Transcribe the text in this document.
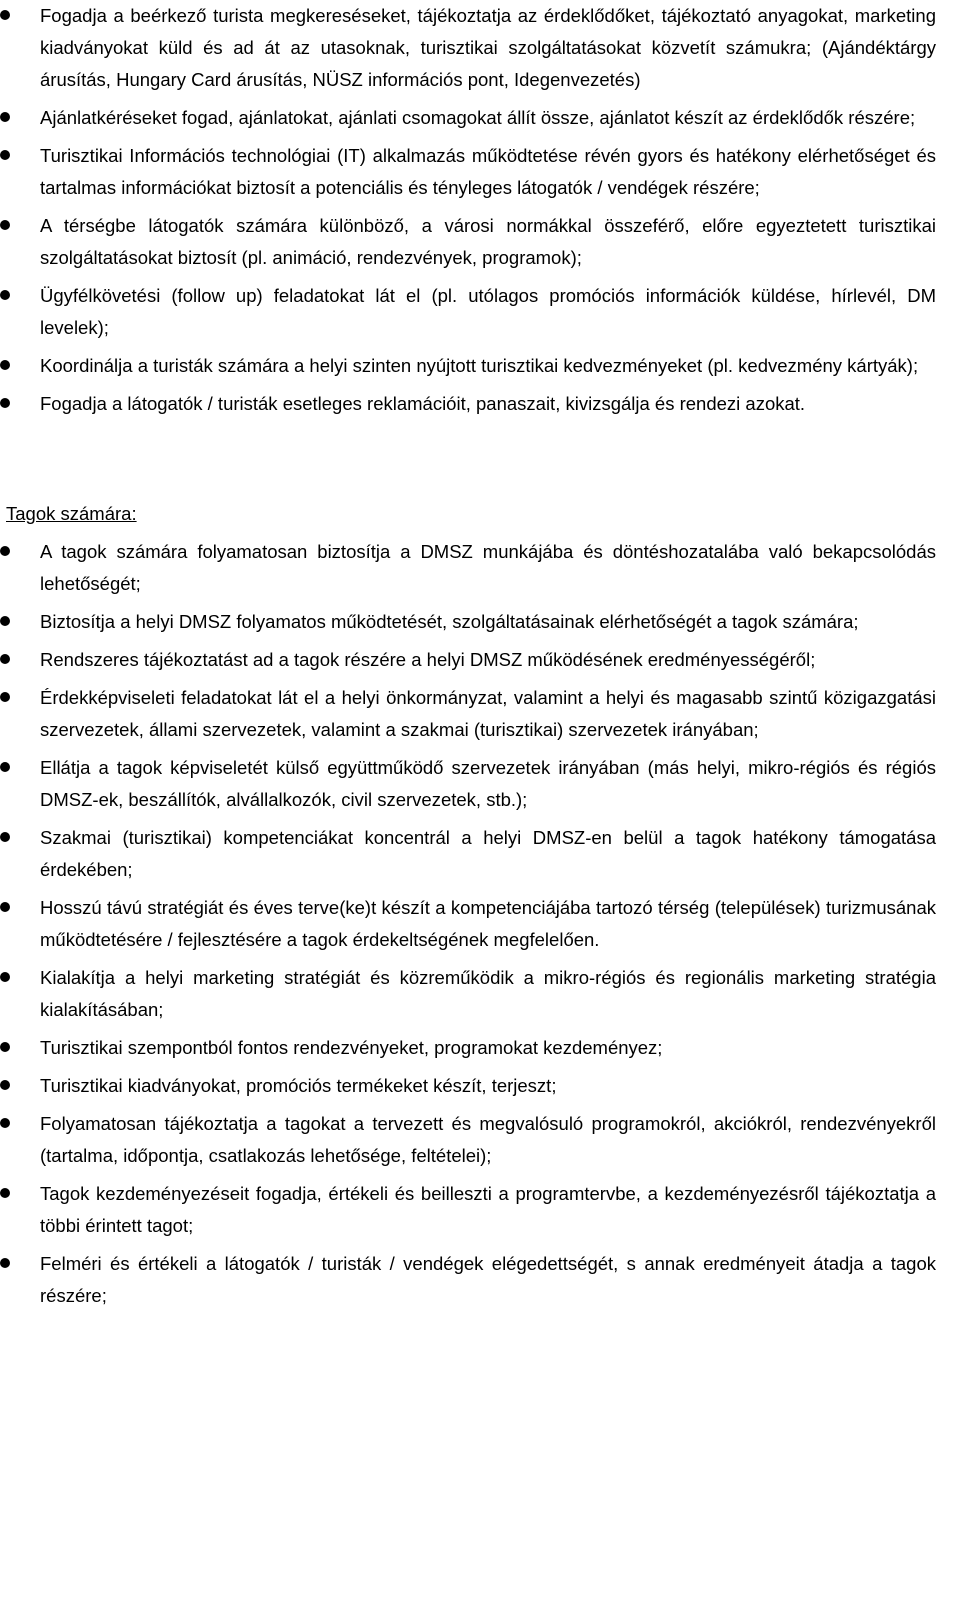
Fogadja a beérkező turista megkereséseket, tájékoztatja az érdeklődőket, tájékoztató anyagokat, marketing kiadványokat küld és ad át az utasoknak, turisztikai szolgáltatásokat közvetít számukra; (Ajándéktárgy árusítás, Hungary Card árusítás, NÜSZ információs pont, Idegenvezetés)
Ajánlatkéréseket fogad, ajánlatokat, ajánlati csomagokat állít össze, ajánlatot készít az érdeklődők részére;
Turisztikai Információs technológiai (IT) alkalmazás működtetése révén gyors és hatékony elérhetőséget és tartalmas információkat biztosít a potenciális és tényleges látogatók / vendégek részére;
A térségbe látogatók számára különböző, a városi normákkal összeférő, előre egyeztetett turisztikai szolgáltatásokat biztosít (pl. animáció, rendezvények, programok);
Ügyfélkövetési (follow up) feladatokat lát el (pl. utólagos promóciós információk küldése, hírlevél, DM levelek);
Koordinálja a turisták számára a helyi szinten nyújtott turisztikai kedvezményeket (pl. kedvezmény kártyák);
Fogadja a látogatók / turisták esetleges reklamációit, panaszait, kivizsgálja és rendezi azokat.
Tagok számára:
A tagok számára folyamatosan biztosítja a DMSZ munkájába és döntéshozatalába való bekapcsolódás lehetőségét;
Biztosítja a helyi DMSZ folyamatos működtetését, szolgáltatásainak elérhetőségét a tagok számára;
Rendszeres tájékoztatást ad a tagok részére a helyi DMSZ működésének eredményességéről;
Érdekképviseleti feladatokat lát el a helyi önkormányzat, valamint a helyi és magasabb szintű közigazgatási szervezetek, állami szervezetek, valamint a szakmai (turisztikai) szervezetek irányában;
Ellátja a tagok képviseletét külső együttműködő szervezetek irányában (más helyi, mikro-régiós és régiós DMSZ-ek, beszállítók, alvállalkozók, civil szervezetek, stb.);
Szakmai (turisztikai) kompetenciákat koncentrál a helyi DMSZ-en belül a tagok hatékony támogatása érdekében;
Hosszú távú stratégiát és éves terve(ke)t készít a kompetenciájába tartozó térség (települések) turizmusának működtetésére / fejlesztésére a tagok érdekeltségének megfelelően.
Kialakítja a helyi marketing stratégiát és közreműködik a mikro-régiós és regionális marketing stratégia kialakításában;
Turisztikai szempontból fontos rendezvényeket, programokat kezdeményez;
Turisztikai kiadványokat, promóciós termékeket készít, terjeszt;
Folyamatosan tájékoztatja a tagokat a tervezett és megvalósuló programokról, akciókról, rendezvényekről (tartalma, időpontja, csatlakozás lehetősége, feltételei);
Tagok kezdeményezéseit fogadja, értékeli és beilleszti a programtervbe, a kezdeményezésről tájékoztatja a többi érintett tagot;
Felméri és értékeli a látogatók / turisták / vendégek elégedettségét, s annak eredményeit átadja a tagok részére;
